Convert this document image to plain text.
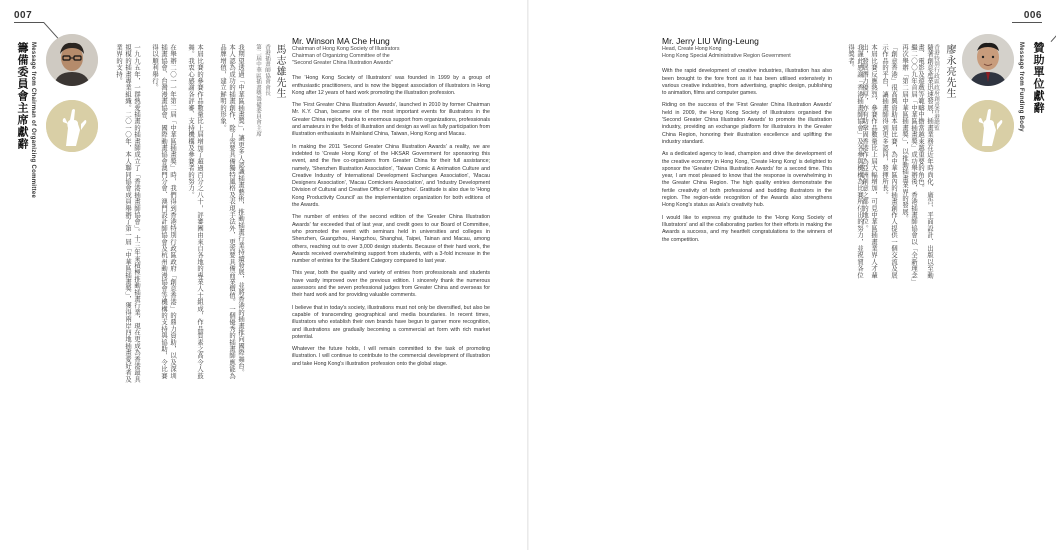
007
籌備委員會主席獻辭 Message from Chairman of Organizing Committee	一九九五年，一群熱愛插畫的插畫師成立了「香港插畫師協會」。十三年來積極推動插畫行業，現在更成為香港最具規模的插畫專業組織。二〇一〇年，本人聯同協會成員舉辦了第一屆「中華區插畫獎」，獲得兩岸四地插畫愛好者及業界的支持。	在舉辦二〇一一年第二屆「中華區插畫獎」時，我們得到香港特別行政區政府「創意香港」的鼎力資助，以及深圳插畫協會、台灣漫畫協會、國際動畫協會澳門分會、澳門設計師協會及杭州動漫協會等機構的支持與協助，令比賽得以順利舉行。	本屆比賽的參賽作品數量比上屆增加了超過百分之八十，評審團由來自各地的專業人士組成，作品質素之高令人鼓舞。我衷心感謝各評審、支持機構及參賽者的努力。	本人認為成功的插畫創作，除了需要具備獨特風格及表現手法外，更需要具備商業價值。一個優秀的插畫師應能為品牌增值，建立鮮明的形象。	我期望透過「中華區插畫獎」，讓更多人認識插畫藝術，推動插畫行業持續發展，並將香港的插畫推向國際舞台。 第二屆中華區插畫獎籌備委員會主席 香港插畫師協會會長 馬志雄先生
Mr. Winson MA Che Hung
Chairman of Hong Kong Society of Illustrators
Chairman of Organizing Committee of the
"Second Greater China Illustration Awards"

The 'Hong Kong Society of Illustrators' was founded in 1999 by a group of enthusiastic practitioners, and is now the biggest association of illustrators in Hong Kong after 12 years of hard work promoting the illustration profession.

The 'First Greater China Illustration Awards', launched in 2010 by former Chairman Mr. K.Y. Chan, became one of the most important events for illustrators in the Greater China region, thanks to enormous support from organizations, professionals and amateurs in the fields of illustration and design as well as fully participation from illustration enthusiasts in Mainland China, Taiwan, Hong Kong and Macau.

In making the 2011 'Second Greater China Illustration Awards' a reality, we are indebted to 'Create Hong Kong' of the HKSAR Government for sponsoring this event, and the five co-organizers from Greater China for their full assistance; namely, 'Shenzhen Illustration Association', 'Taiwan Comic & Animation Culture and Creative Industry of International Development Exchanges Association', 'Macau Designers Association', 'Macau Comickers Association', and 'Industry Development Division of Cultural and Creative Office of Hangzhou'. Gratitude is also due to 'Hong Kong Productivity Council' as the implementation organization for both editions of the Awards.

The number of entries of the second edition of the 'Greater China Illustration Awards' far exceeded that of last year, and credit goes to our Board of Committee, who promoted the event with seminars held in universities and colleges in Shenzhen, Guangzhou, Hangzhou, Shanghai, Taipei, Tainan and Macau, among others, reaching out to over 3,000 design students. Because of their hard work, the Awards received overwhelming support from students, with a 3-fold increase in the number of entries for the Student Category compared to last year.

This year, both the quality and variety of entries from professionals and students have vastly improved over the previous edition. I sincerely thank the numerous assessors and the seven professional judges from Greater China and overseas for their hard work and for providing valuable comments.

I believe that in today's society, illustrations must not only be diversified, but also be capable of transcending geographical and media boundaries. In recent times, illustrators who establish their own brands have begun to garner more recognition, and illustrations are gradually becoming a commercial art form with rich market potential.

Whatever the future holds, I will remain committed to the task of promoting illustration. I will continue to contribute to the commercial development of illustration and take Hong Kong's illustration profession onto the global stage.

006
Mr. Jerry LIU Wing-Leung
Head, Create Hong Kong
Hong Kong Special Administrative Region Government

With the rapid development of creative industries, illustration has also been brought to the fore front as it has been utilised extensively in various creative industries, from advertising, graphic design, publishing to animation, films and computer games.

Riding on the success of the 'First Greater China Illustration Awards' held in 2009, the Hong Kong Society of Illustrators organised the 'Second Greater China Illustration Awards' to promote the illustration industry, providing an exchange platform for illustrators in the Greater China Region, honoring their illustration excellence and uplifting the industry standard.

As a dedicated agency to lead, champion and drive the development of the creative economy in Hong Kong, 'Create Hong Kong' is delighted to sponsor the 'Greater China Illustration Awards' for a second time. This year, I am most pleased to know that the response is overwhelming in the Greater China Region. The high quality entries demonstrate the fertile creativity of both professional and budding illustrators in the region. The region-wide recognition of the Awards also strengthens Hong Kong's status as Asia's creativity hub.

I would like to express my gratitude to the 'Hong Kong Society of Illustrators' and all the collaborating parties for their efforts in making the Awards a success, and my heartfelt congratulations to the winners of the competition.	我謹此感謝「香港插畫師協會」及各參與機構為比賽所付出的努力，並祝賀各位得獎者。	本屆比賽反應熱烈，參賽作品數量比上屆大幅增加，可見中華區插畫業界人才輩出，發展潛力優厚，亦有助鞏固香港作為亞洲創意之都的地位。	「創意香港」很高興資助本屆比賽，為中華區內的插畫創作人提供一個交流及展示作品的平台，讓插畫師得到更多認同，發揮所長。	繼二〇〇九年首屆「中華區插畫獎」成功舉辦後，香港插畫師協會以「全新理念」再次舉辦「第二屆中華區插畫獎」，以推動插畫業界的發展。	隨著創意產業迅速發展，插畫業務在近年時尚化、廣告、平面設計、出版以至動畫、電影及遊戲等範疇中擔當越來越重要的角色。	香港特別行政區政府創意香港總監 廖永亮先生	Message from Funding Body 贊助單位獻辭
